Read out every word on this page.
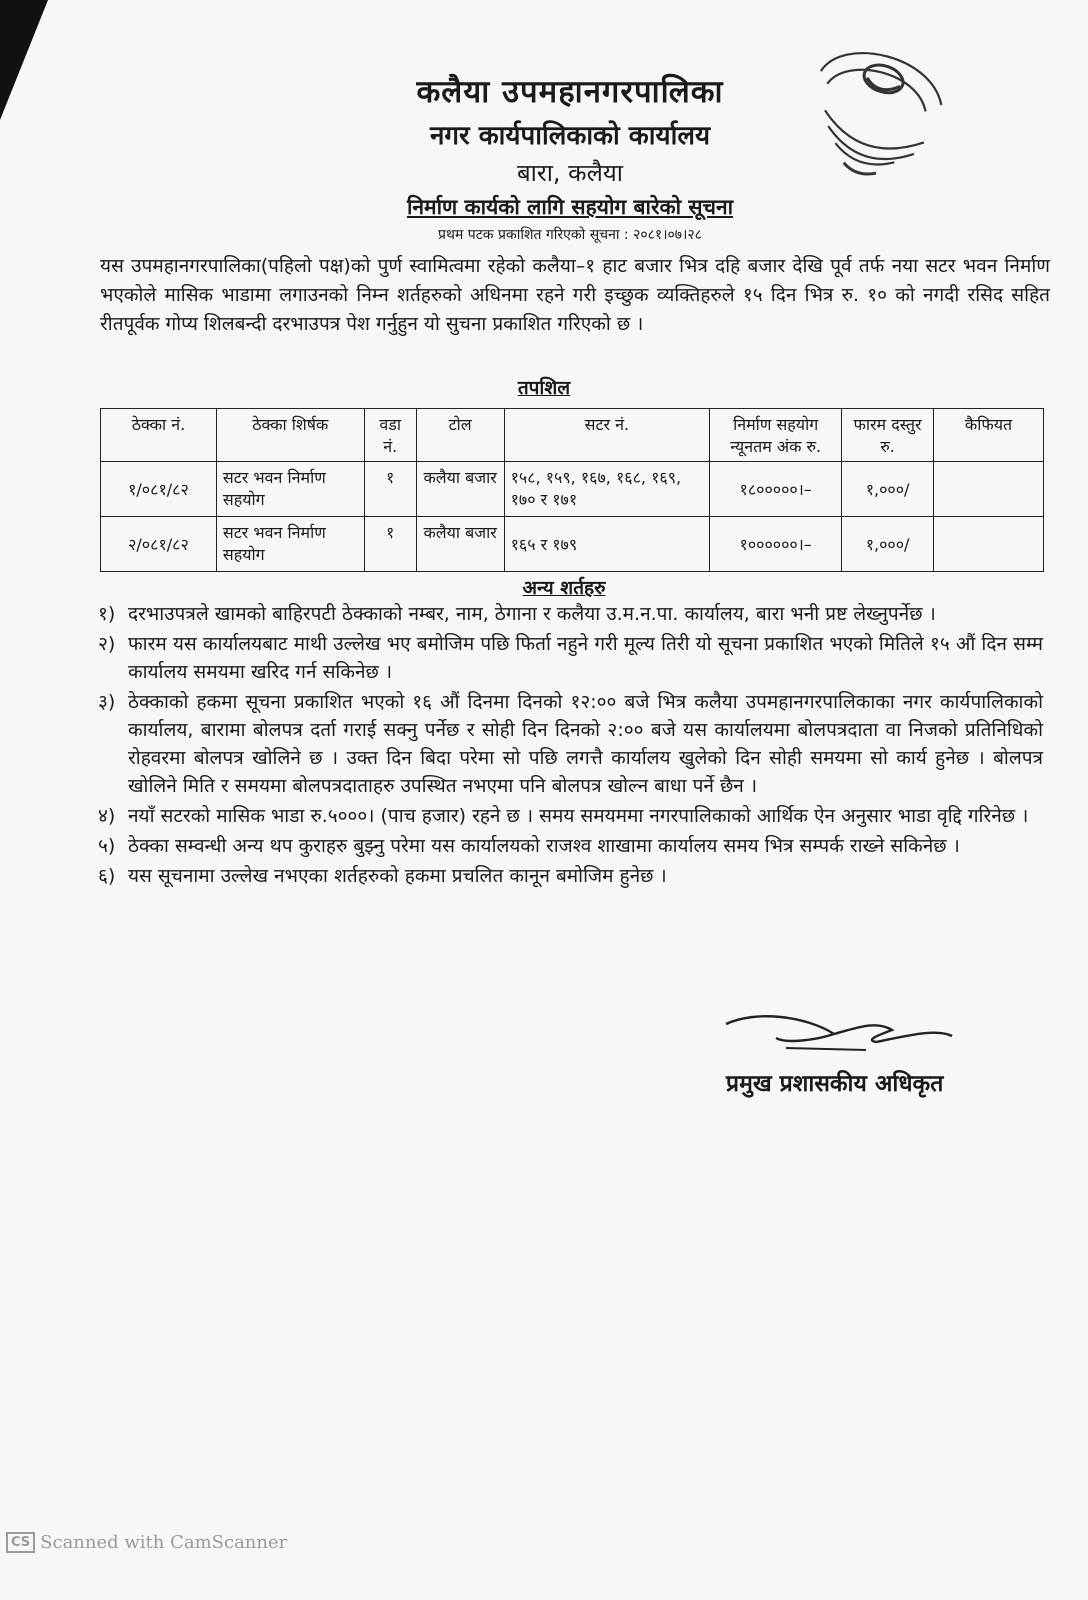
कलैया उपमहानगरपालिका
नगर कार्यपालिकाको कार्यालय
बारा, कलैया
निर्माण कार्यको लागि सहयोग बारेको सूचना
प्रथम पटक प्रकाशित गरिएको सूचना : २०८१।०७।२८
यस उपमहानगरपालिका(पहिलो पक्ष)को पुर्ण स्वामित्वमा रहेको कलैया–१ हाट बजार भित्र दहि बजार देखि पूर्व तर्फ नया सटर भवन निर्माण भएकोले मासिक भाडामा लगाउनको निम्न शर्तहरुको अधिनमा रहने गरी इच्छुक व्यक्तिहरुले १५ दिन भित्र रु. १० को नगदी रसिद सहित रीतपूर्वक गोप्य शिलबन्दी दरभाउपत्र पेश गर्नुहुन यो सुचना प्रकाशित गरिएको छ ।
तपशिल
ठेक्का नं.	ठेक्का शिर्षक	वडा नं.	टोल	सटर नं.	निर्माण सहयोग न्यूनतम अंक रु.	फारम दस्तुर रु.	कैफियत
१/०८१/८२	सटर भवन निर्माण सहयोग	१	कलैया बजार	१५८, १५९, १६७, १६८, १६९, १७० र १७१	१८०००००।–	१,०००/	
२/०८१/८२	सटर भवन निर्माण सहयोग	१	कलैया बजार	१६५ र १७९	१००००००।–	१,०००/	
अन्य शर्तहरु
१) दरभाउपत्रले खामको बाहिरपटी ठेक्काको नम्बर, नाम, ठेगाना र कलैया उ.म.न.पा. कार्यालय, बारा भनी प्रष्ट लेख्नुपर्नेछ ।
२) फारम यस कार्यालयबाट माथी उल्लेख भए बमोजिम पछि फिर्ता नहुने गरी मूल्य तिरी यो सूचना प्रकाशित भएको मितिले १५ औं दिन सम्म कार्यालय समयमा खरिद गर्न सकिनेछ ।
३) ठेक्काको हकमा सूचना प्रकाशित भएको १६ औं दिनमा दिनको १२:०० बजे भित्र कलैया उपमहानगरपालिकाका नगर कार्यपालिकाको कार्यालय, बारामा बोलपत्र दर्ता गराई सक्नु पर्नेछ र सोही दिन दिनको २:०० बजे यस कार्यालयमा बोलपत्रदाता वा निजको प्रतिनिधिको रोहवरमा बोलपत्र खोलिने छ । उक्त दिन बिदा परेमा सो पछि लगत्तै कार्यालय खुलेको दिन सोही समयमा सो कार्य हुनेछ । बोलपत्र खोलिने मिति र समयमा बोलपत्रदाताहरु उपस्थित नभएमा पनि बोलपत्र खोल्न बाधा पर्ने छैन ।
४) नयाँ सटरको मासिक भाडा रु.५०००। (पाच हजार) रहने छ । समय समयममा नगरपालिकाको आर्थिक ऐन अनुसार भाडा वृद्दि गरिनेछ ।
५) ठेक्का सम्वन्धी अन्य थप कुराहरु बुझ्नु परेमा यस कार्यालयको राजश्व शाखामा कार्यालय समय भित्र सम्पर्क राख्ने सकिनेछ ।
६) यस सूचनामा उल्लेख नभएका शर्तहरुको हकमा प्रचलित कानून बमोजिम हुनेछ ।
प्रमुख प्रशासकीय अधिकृत
CS Scanned with CamScanner
